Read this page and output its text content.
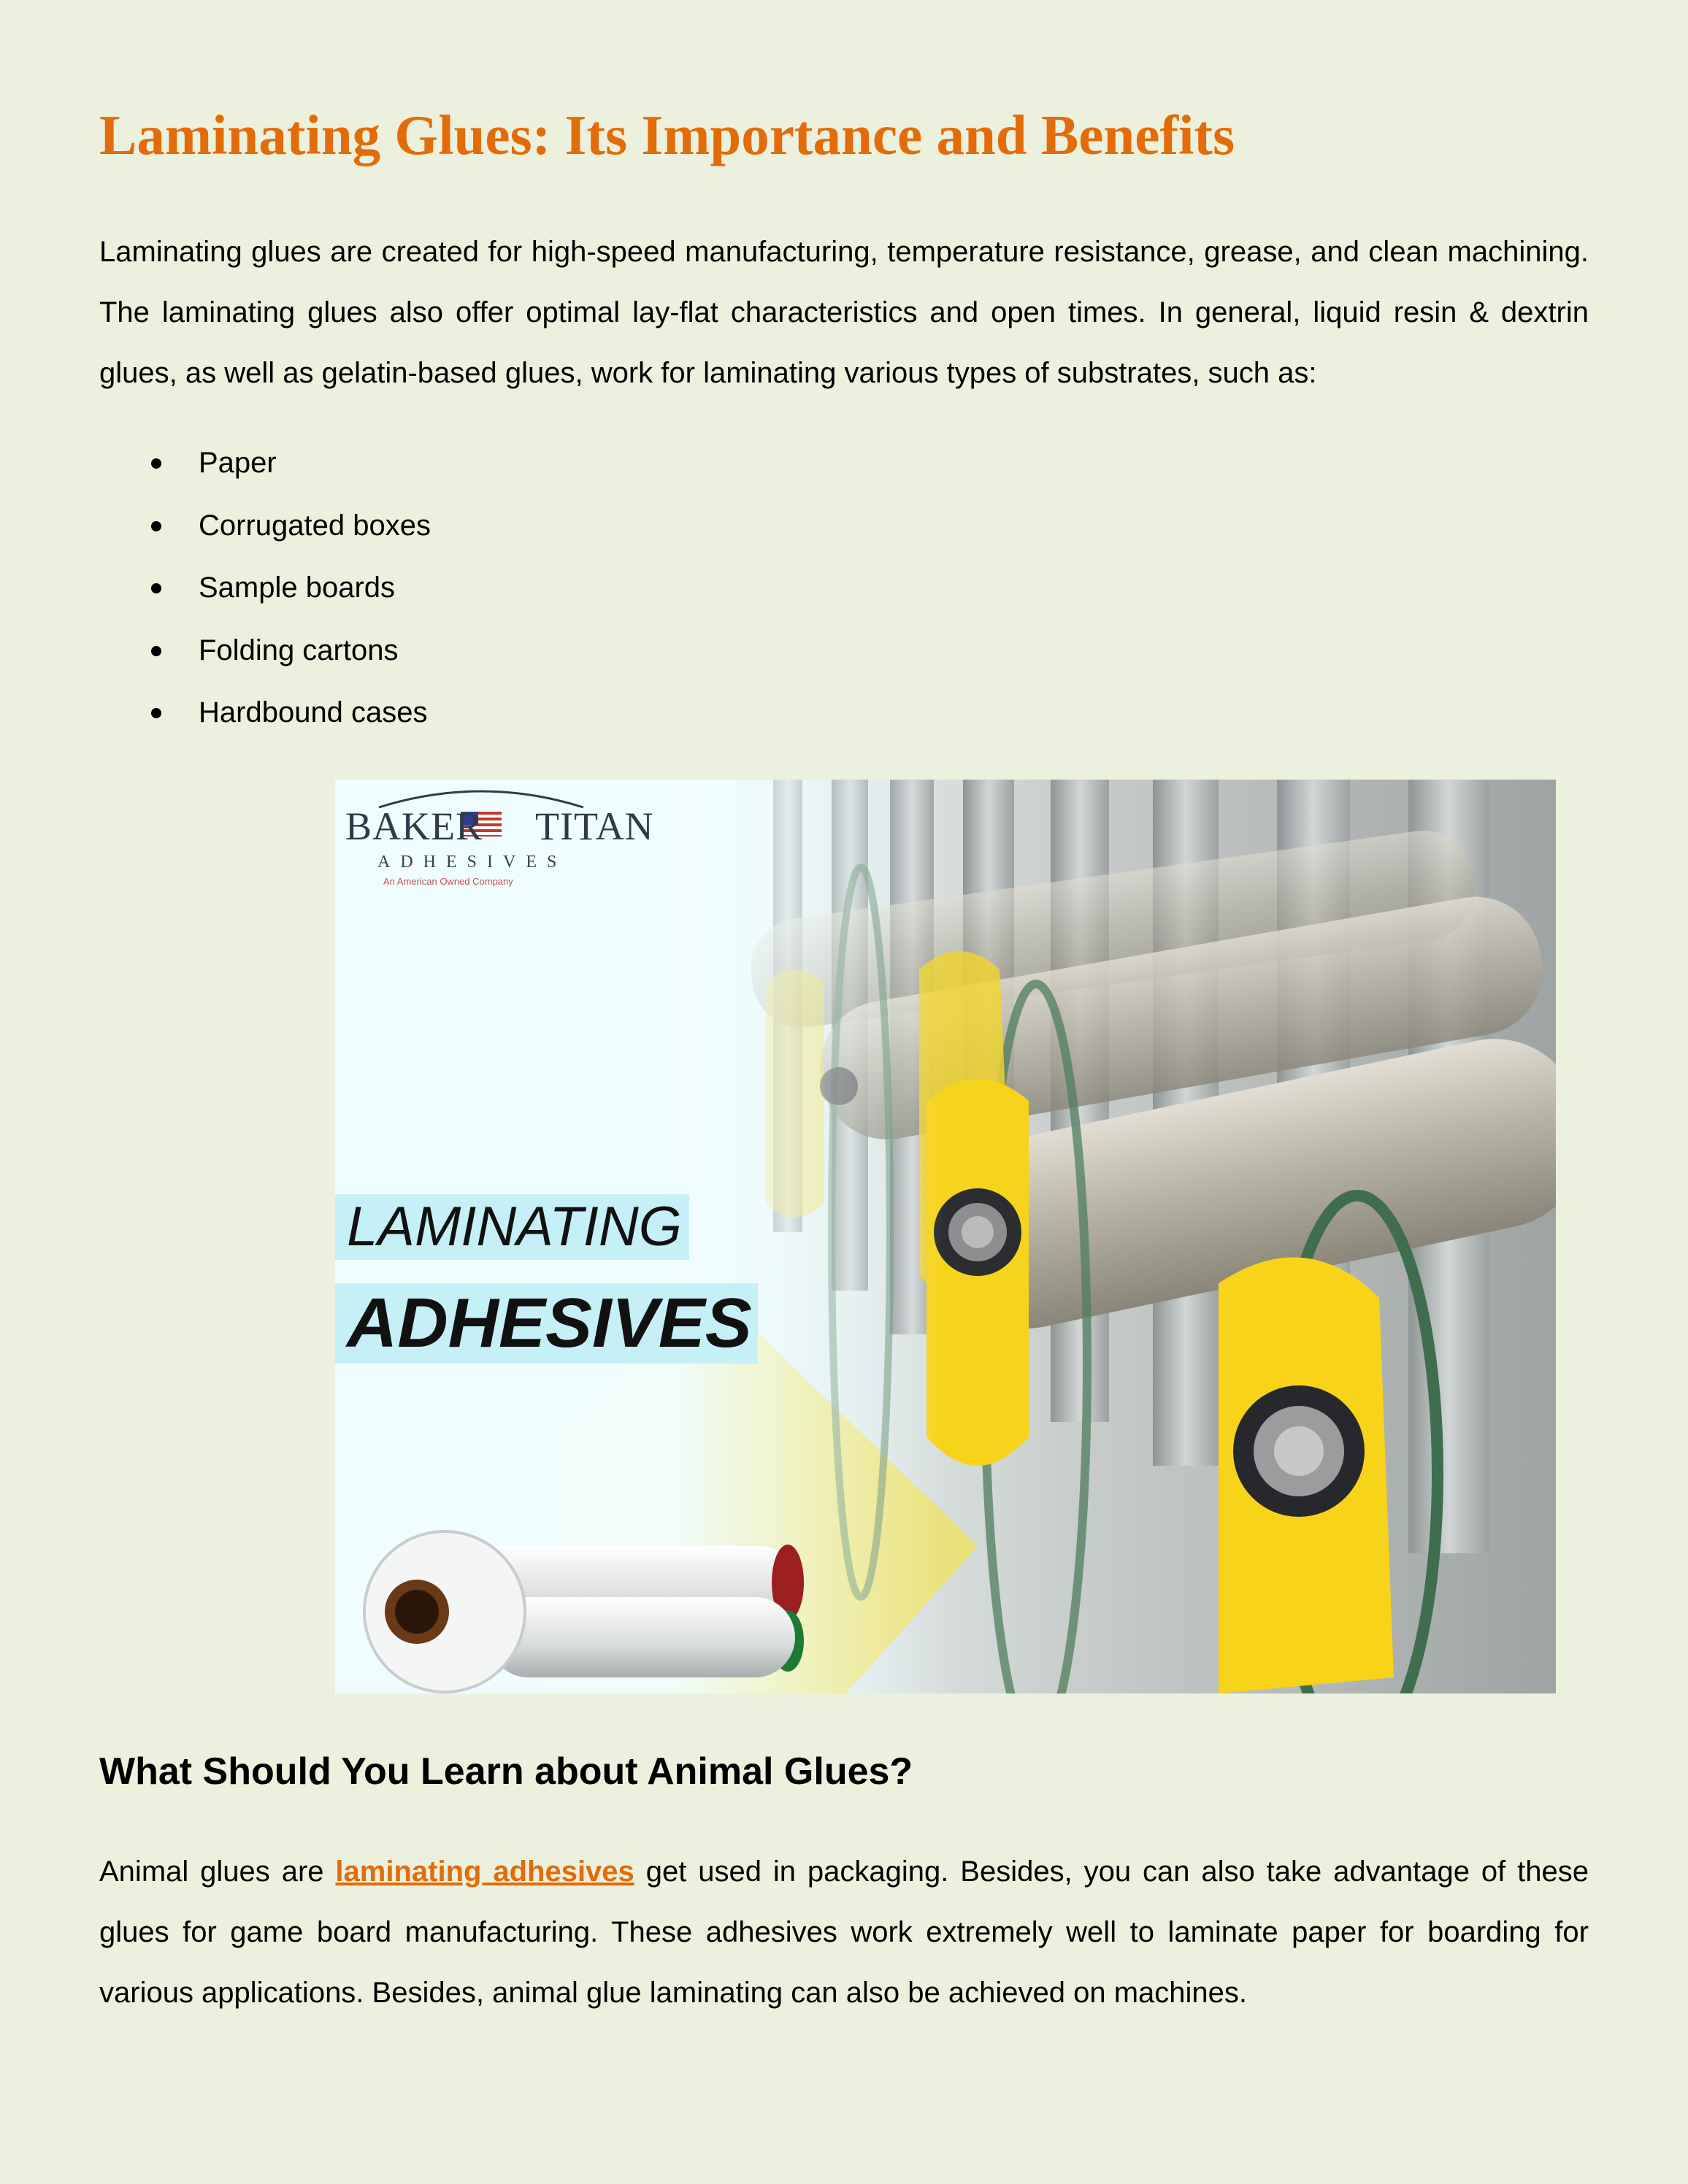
Laminating Glues: Its Importance and Benefits

Laminating glues are created for high-speed manufacturing, temperature resistance, grease, and clean machining. The laminating glues also offer optimal lay-flat characteristics and open times. In general, liquid resin & dextrin glues, as well as gelatin-based glues, work for laminating various types of substrates, such as:

Paper
Corrugated boxes
Sample boards
Folding cartons
Hardbound cases
BAKER TITAN
ADHESIVES
An American Owned Company
LAMINATING
ADHESIVES
What Should You Learn about Animal Glues?

Animal glues are laminating adhesives get used in packaging. Besides, you can also take advantage of these glues for game board manufacturing. These adhesives work extremely well to laminate paper for boarding for various applications. Besides, animal glue laminating can also be achieved on machines.
